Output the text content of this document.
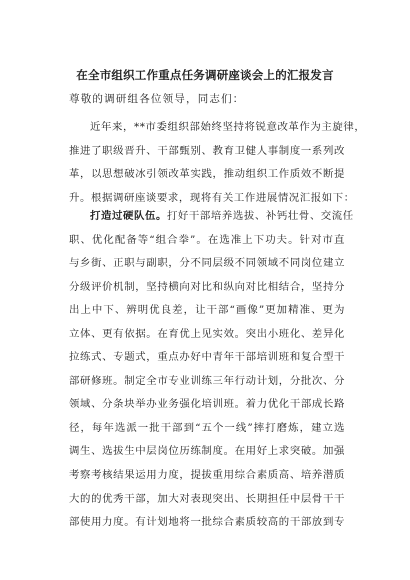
在全市组织工作重点任务调研座谈会上的汇报发言
尊敬的调研组各位领导，同志们：
近年来，**市委组织部始终坚持将锐意改革作为主旋律，
推进了职级晋升、干部甄别、教育卫健人事制度一系列改
革，以思想破冰引领改革实践，推动组织工作质效不断提
升。根据调研座谈要求，现将有关工作进展情况汇报如下：
打造过硬队伍。打好干部培养选拔、补钙壮骨、交流任
职、优化配备等“组合拳”。在选准上下功夫。针对市直
与乡街、正职与副职，分不同层级不同领域不同岗位建立
分级评价机制，坚持横向对比和纵向对比相结合，坚持分
出上中下、辨明优良差，让干部“画像”更加精准、更为
立体、更有依据。在育优上见实效。突出小班化、差异化
拉练式、专题式，重点办好中青年干部培训班和复合型干
部研修班。制定全市专业训练三年行动计划，分批次、分
领域、分条块举办业务强化培训班。着力优化干部成长路
径，每年选派一批干部到“五个一线”摔打磨炼，建立选
调生、选拔生中层岗位历练制度。在用好上求突破。加强
考察考核结果运用力度，提拔重用综合素质高、培养潜质
大的的优秀干部，加大对表现突出、长期担任中层骨干干
部使用力度。有计划地将一批综合素质较高的干部放到专
